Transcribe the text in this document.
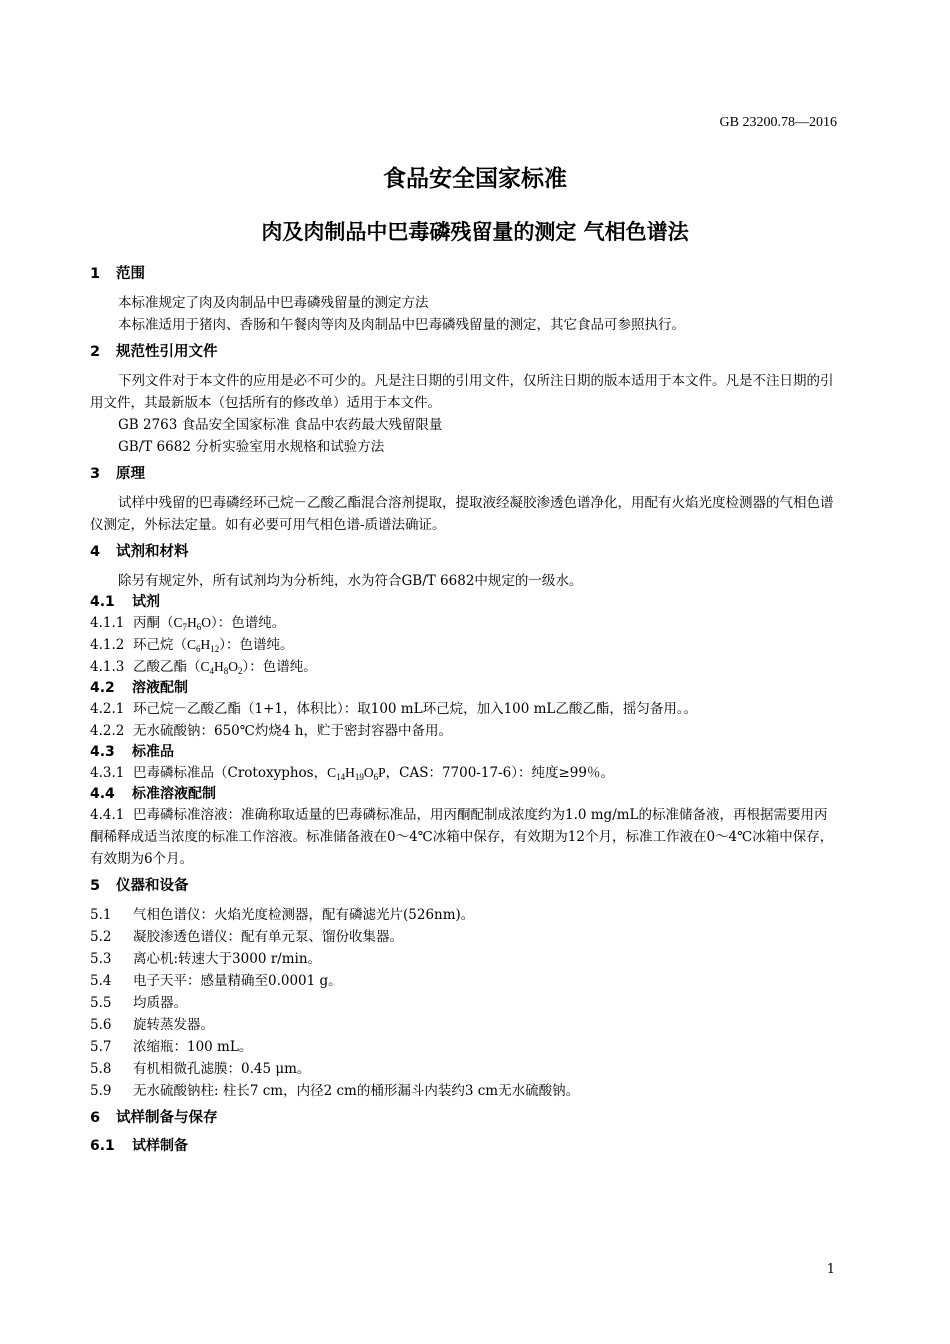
GB 23200.78—2016
食品安全国家标准
肉及肉制品中巴毒磷残留量的测定 气相色谱法
1 范围

本标准规定了肉及肉制品中巴毒磷残留量的测定方法

本标准适用于猪肉、香肠和午餐肉等肉及肉制品中巴毒磷残留量的测定，其它食品可参照执行。

2 规范性引用文件

下列文件对于本文件的应用是必不可少的。凡是注日期的引用文件，仅所注日期的版本适用于本文件。凡是不注日期的引用文件，其最新版本（包括所有的修改单）适用于本文件。

GB 2763 食品安全国家标准 食品中农药最大残留限量

GB/T 6682 分析实验室用水规格和试验方法

3 原理

试样中残留的巴毒磷经环己烷－乙酸乙酯混合溶剂提取，提取液经凝胶渗透色谱净化，用配有火焰光度检测器的气相色谱仪测定，外标法定量。如有必要可用气相色谱-质谱法确证。

4 试剂和材料

除另有规定外，所有试剂均为分析纯，水为符合GB/T 6682中规定的一级水。

4.1 试剂

4.1.1 丙酮$(C_7H_6O)$：色谱纯。

4.1.2 环己烷$(C_6H_{12})$：色谱纯。

4.1.3 乙酸乙酯$(C_4H_8O_2)$：色谱纯。

4.2 溶液配制

4.2.1 环己烷－乙酸乙酯（1+1，体积比）：取100 mL环己烷，加入100 mL乙酸乙酯，摇匀备用。。

4.2.2 无水硫酸钠：650℃灼烧4 h，贮于密封容器中备用。

4.3 标准品

4.3.1 巴毒磷标准品（Crotoxyphos，$C_{14}H_{19}O_6P$，CAS：7700-17-6）：纯度≥99％。

4.4 标准溶液配制

4.4.1 巴毒磷标准溶液：准确称取适量的巴毒磷标准品，用丙酮配制成浓度约为1.0 mg/mL的标准储备液，再根据需要用丙酮稀释成适当浓度的标准工作溶液。标准储备液在0～4℃冰箱中保存，有效期为12个月，标准工作液在0～4℃冰箱中保存，有效期为6个月。

5 仪器和设备

5.1 气相色谱仪：火焰光度检测器，配有磷滤光片(526nm)。

5.2 凝胶渗透色谱仪：配有单元泵、馏份收集器。

5.3 离心机:转速大于3000 r/min。

5.4 电子天平：感量精确至0.0001 g。

5.5 均质器。

5.6 旋转蒸发器。

5.7 浓缩瓶：100 mL。

5.8 有机相微孔滤膜：0.45 μm。

5.9 无水硫酸钠柱: 柱长7 cm，内径2 cm的桶形漏斗内装约3 cm无水硫酸钠。

6 试样制备与保存
6.1 试样制备
1
